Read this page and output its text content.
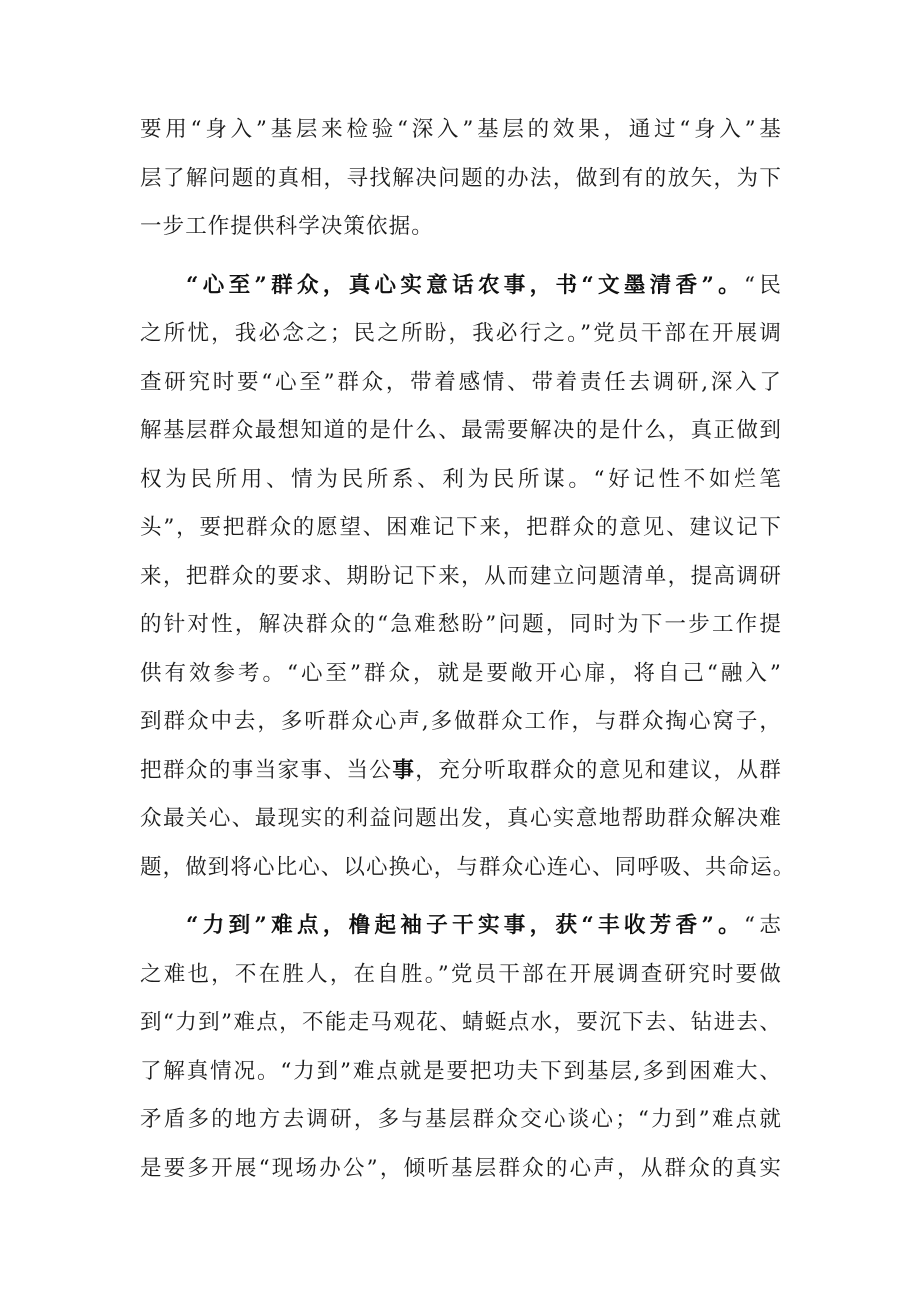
要用“身入”基层来检验“深入”基层的效果，通过“身入”基
层了解问题的真相，寻找解决问题的办法，做到有的放矢，为下
一步工作提供科学决策依据。
“心至”群众，真心实意话农事，书“文墨清香”。“民
之所忧，我必念之；民之所盼，我必行之。”党员干部在开展调
查研究时要“心至”群众，带着感情、带着责任去调研,深入了
解基层群众最想知道的是什么、最需要解决的是什么，真正做到
权为民所用、情为民所系、利为民所谋。“好记性不如烂笔
头”，要把群众的愿望、困难记下来，把群众的意见、建议记下
来，把群众的要求、期盼记下来，从而建立问题清单，提高调研
的针对性，解决群众的“急难愁盼”问题，同时为下一步工作提
供有效参考。“心至”群众，就是要敞开心扉，将自己“融入”
到群众中去，多听群众心声,多做群众工作，与群众掏心窝子，
把群众的事当家事、当公事，充分听取群众的意见和建议，从群
众最关心、最现实的利益问题出发，真心实意地帮助群众解决难
题，做到将心比心、以心换心，与群众心连心、同呼吸、共命运。
“力到”难点，橹起袖子干实事，获“丰收芳香”。“志
之难也，不在胜人，在自胜。”党员干部在开展调查研究时要做
到“力到”难点，不能走马观花、蜻蜓点水，要沉下去、钻进去、
了解真情况。“力到”难点就是要把功夫下到基层,多到困难大、
矛盾多的地方去调研，多与基层群众交心谈心；“力到”难点就
是要多开展“现场办公”，倾听基层群众的心声，从群众的真实
